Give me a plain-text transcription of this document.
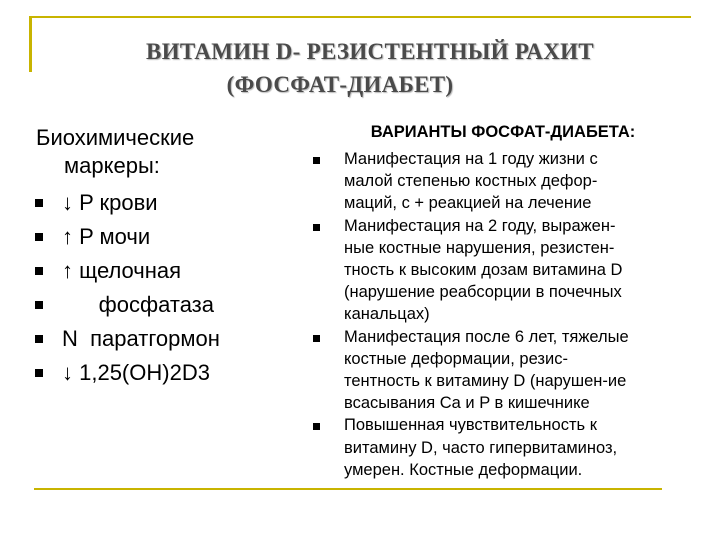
ВИТАМИН D- РЕЗИСТЕНТНЫЙ РАХИТ
(ФОСФАТ-ДИАБЕТ)
Биохимические
маркеры:
↓ P крови
↑ P мочи
↑ щелочная
фосфатаза
N  паратгормон
↓ 1,25(OH)2D3
ВАРИАНТЫ ФОСФАТ-ДИАБЕТА:
Манифестация на 1 году жизни с
малой степенью костных дефор-
маций, с + реакцией на лечение
Манифестация на 2 году, выражен-
ные костные нарушения, резистен-
тность к высоким дозам витамина D
(нарушение реабсорции в почечных
канальцах)
Манифестация после 6 лет, тяжелые
костные деформации, резис-
тентность к витамину D (нарушен-ие
всасывания Ca и P в кишечнике
Повышенная чувствительность к
витамину D, часто гипервитаминоз,
умерен. Костные деформации.
